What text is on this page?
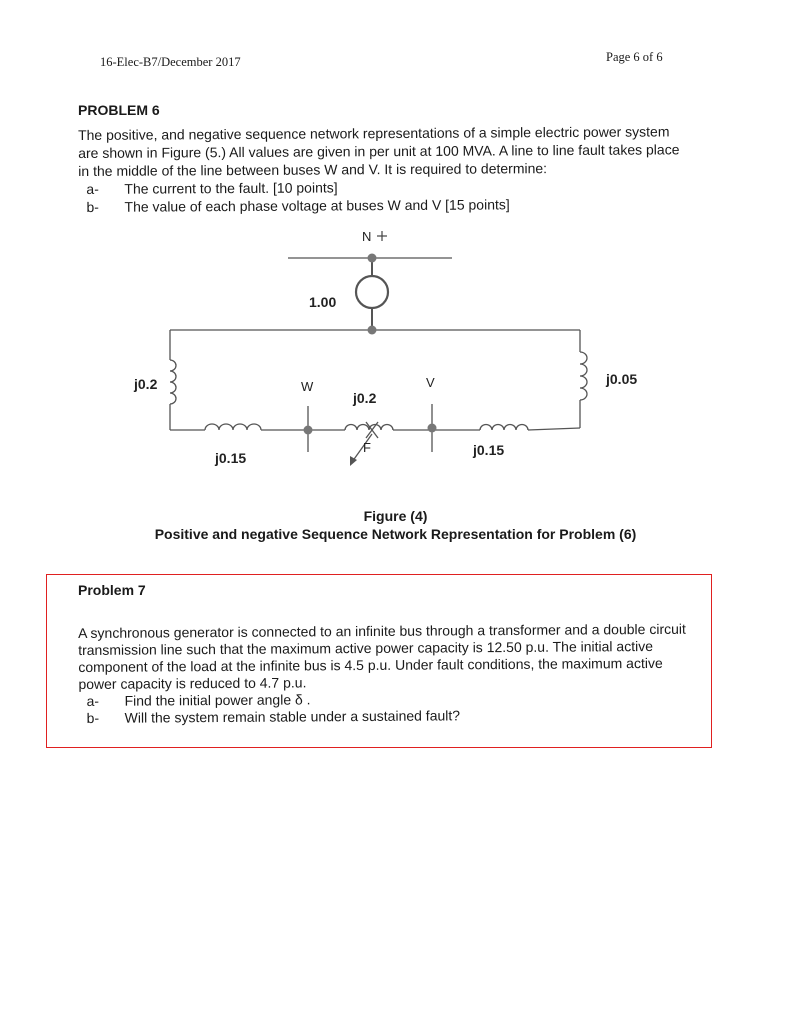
16-Elec-B7/December 2017	Page 6 of 6
PROBLEM 6
The positive, and negative sequence network representations of a simple electric power system are shown in Figure (5.) All values are given in per unit at 100 MVA. A line to line fault takes place in the middle of the line between buses W and V. It is required to determine:
a-	The current to the fault. [10 points]
b-	The value of each phase voltage at buses W and V [15 points]
N
1.00
j0.2	j0.05
W	V
j0.2
j0.15	j0.15
F
Figure (4)
Positive and negative Sequence Network Representation for Problem (6)
Problem 7
A synchronous generator is connected to an infinite bus through a transformer and a double circuit transmission line such that the maximum active power capacity is 12.50 p.u. The initial active component of the load at the infinite bus is 4.5 p.u. Under fault conditions, the maximum active power capacity is reduced to 4.7 p.u.
a-	Find the initial power angle δ .
b-	Will the system remain stable under a sustained fault?
